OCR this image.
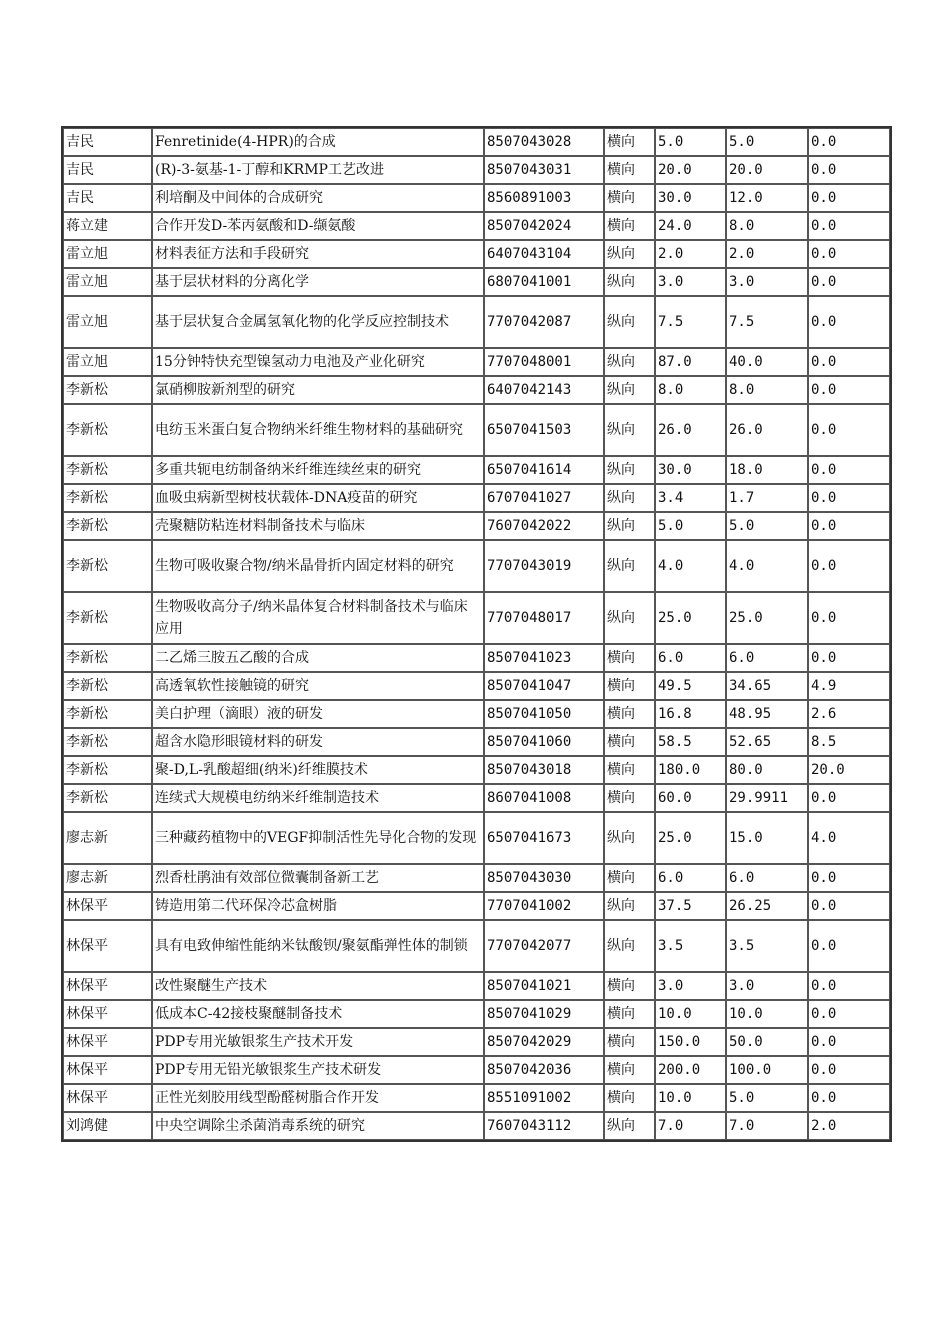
吉民	Fenretinide(4-HPR)的合成	8507043028	横向	5.0	5.0	0.0
吉民	(R)-3-氨基-1-丁醇和KRMP工艺改进	8507043031	横向	20.0	20.0	0.0
吉民	利培酮及中间体的合成研究	8560891003	横向	30.0	12.0	0.0
蒋立建	合作开发D-苯丙氨酸和D-缬氨酸	8507042024	横向	24.0	8.0	0.0
雷立旭	材料表征方法和手段研究	6407043104	纵向	2.0	2.0	0.0
雷立旭	基于层状材料的分离化学	6807041001	纵向	3.0	3.0	0.0
雷立旭	基于层状复合金属氢氧化物的化学反应控制技术	7707042087	纵向	7.5	7.5	0.0
雷立旭	15分钟特快充型镍氢动力电池及产业化研究	7707048001	纵向	87.0	40.0	0.0
李新松	氯硝柳胺新剂型的研究	6407042143	纵向	8.0	8.0	0.0
李新松	电纺玉米蛋白复合物纳米纤维生物材料的基础研究	6507041503	纵向	26.0	26.0	0.0
李新松	多重共轭电纺制备纳米纤维连续丝束的研究	6507041614	纵向	30.0	18.0	0.0
李新松	血吸虫病新型树枝状载体-DNA疫苗的研究	6707041027	纵向	3.4	1.7	0.0
李新松	壳聚糖防粘连材料制备技术与临床	7607042022	纵向	5.0	5.0	0.0
李新松	生物可吸收聚合物/纳米晶骨折内固定材料的研究	7707043019	纵向	4.0	4.0	0.0
李新松	生物吸收高分子/纳米晶体复合材料制备技术与临床应用	7707048017	纵向	25.0	25.0	0.0
李新松	二乙烯三胺五乙酸的合成	8507041023	横向	6.0	6.0	0.0
李新松	高透氧软性接触镜的研究	8507041047	横向	49.5	34.65	4.9
李新松	美白护理（滴眼）液的研发	8507041050	横向	16.8	48.95	2.6
李新松	超含水隐形眼镜材料的研发	8507041060	横向	58.5	52.65	8.5
李新松	聚-D,L-乳酸超细(纳米)纤维膜技术	8507043018	横向	180.0	80.0	20.0
李新松	连续式大规模电纺纳米纤维制造技术	8607041008	横向	60.0	29.9911	0.0
廖志新	三种藏药植物中的VEGF抑制活性先导化合物的发现	6507041673	纵向	25.0	15.0	4.0
廖志新	烈香杜鹃油有效部位微囊制备新工艺	8507043030	横向	6.0	6.0	0.0
林保平	铸造用第二代环保冷芯盒树脂	7707041002	纵向	37.5	26.25	0.0
林保平	具有电致伸缩性能纳米钛酸钡/聚氨酯弹性体的制锁	7707042077	纵向	3.5	3.5	0.0
林保平	改性聚醚生产技术	8507041021	横向	3.0	3.0	0.0
林保平	低成本C-42接枝聚醚制备技术	8507041029	横向	10.0	10.0	0.0
林保平	PDP专用光敏银浆生产技术开发	8507042029	横向	150.0	50.0	0.0
林保平	PDP专用无铅光敏银浆生产技术研发	8507042036	横向	200.0	100.0	0.0
林保平	正性光刻胶用线型酚醛树脂合作开发	8551091002	横向	10.0	5.0	0.0
刘鸿健	中央空调除尘杀菌消毒系统的研究	7607043112	纵向	7.0	7.0	2.0
